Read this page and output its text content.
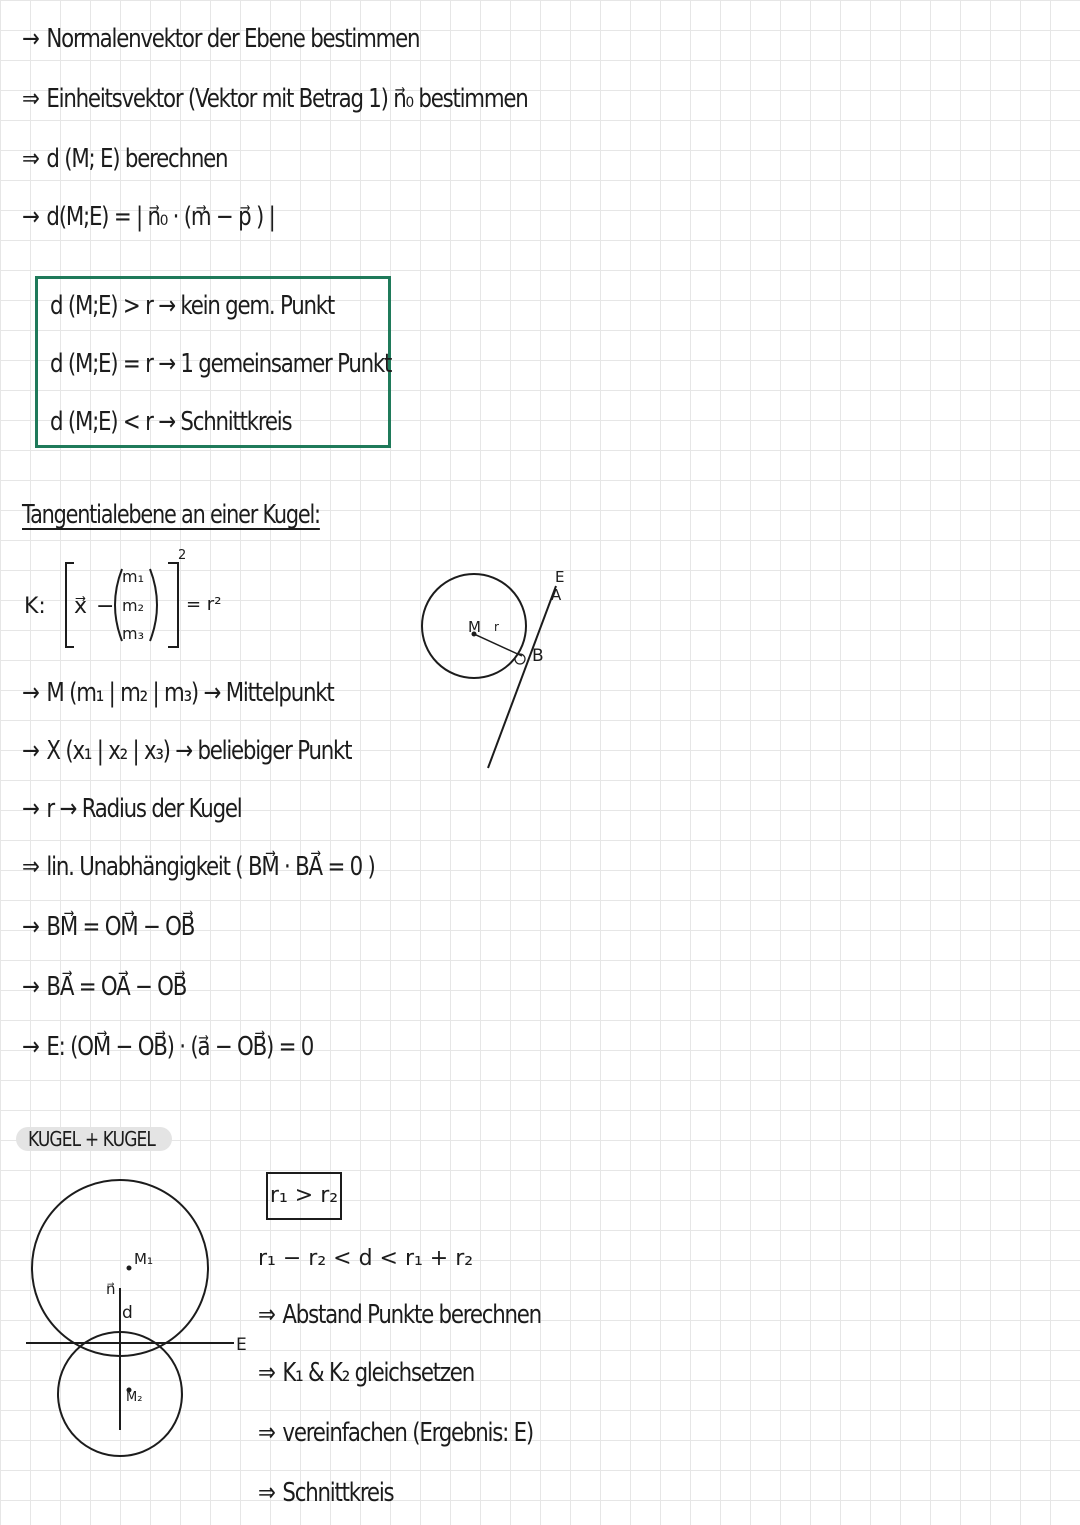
→ Normalenvektor der Ebene bestimmen
⇒ Einheitsvektor (Vektor mit Betrag 1) n⃗₀ bestimmen
⇒ d (M; E) berechnen
→ d(M;E) = | n⃗₀ · (m⃗ − p⃗ ) |
d (M;E) > r → kein gem. Punkt
d (M;E) = r → 1 gemeinsamer Punkt
d (M;E) < r → Schnittkreis
Tangentialebene an einer Kugel:
K: x⃗ −
m₁
m₂
m₃
2
= r²
M r
E
A
B
→ M (m₁ | m₂ | m₃) → Mittelpunkt
→ X (x₁ | x₂ | x₃) → beliebiger Punkt
→ r → Radius der Kugel
⇒ lin. Unabhängigkeit ( BM⃗ · BA⃗ = 0 )
→ BM⃗ = OM⃗ − OB⃗
→ BA⃗ = OA⃗ − OB⃗
→ E: (OM⃗ − OB⃗) · (a⃗ − OB⃗) = 0
KUGEL + KUGEL
M₁
M₂
n⃗
d
E
r₁ > r₂
r₁ − r₂ < d < r₁ + r₂
⇒ Abstand Punkte berechnen
⇒ K₁ & K₂ gleichsetzen
⇒ vereinfachen (Ergebnis: E)
⇒ Schnittkreis
